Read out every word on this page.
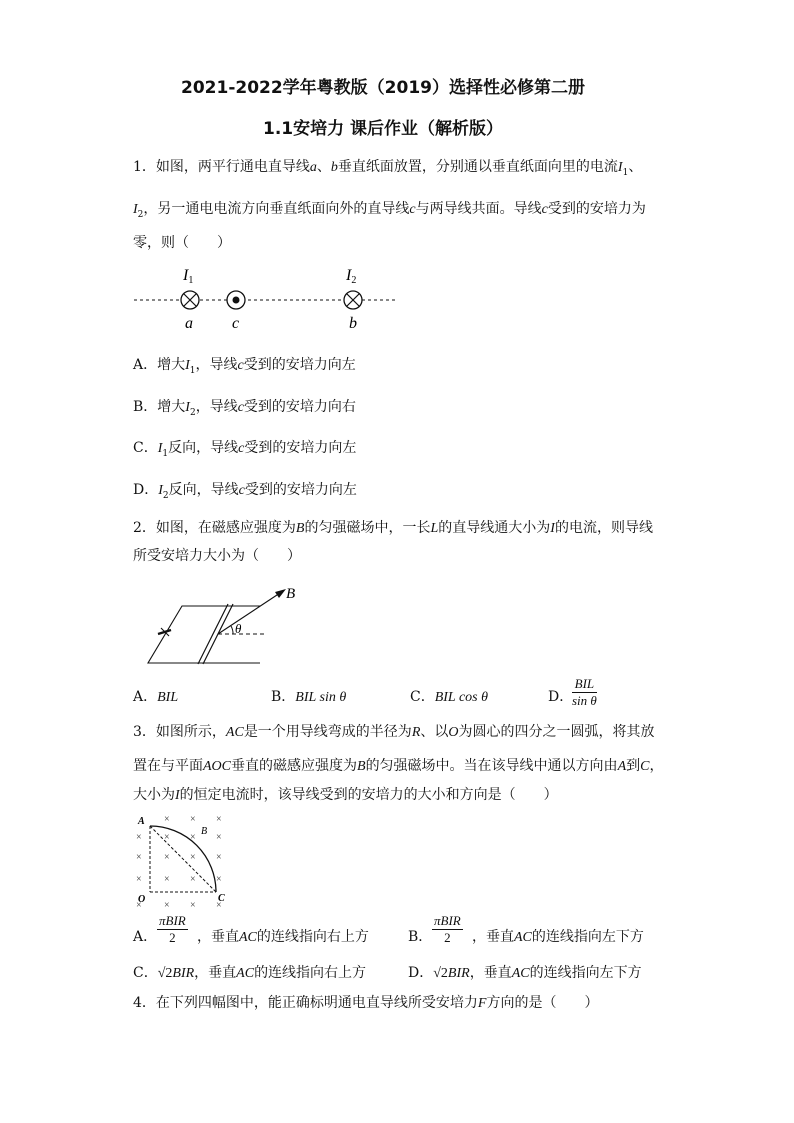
2021-2022学年粤教版（2019）选择性必修第二册
1.1安培力 课后作业（解析版）
1．如图，两平行通电直导线a、b垂直纸面放置，分别通以垂直纸面向里的电流$I_1$、
$I_2$，另一通电电流方向垂直纸面向外的直导线c与两导线共面。导线c受到的安培力为
零，则（　　）
I1	I2
a c	b
A．增大$I_1$，导线c受到的安培力向左
B．增大$I_2$，导线c受到的安培力向右
C．$I_1$反向，导线c受到的安培力向左
D．$I_2$反向，导线c受到的安培力向左
2．如图，在磁感应强度为B的匀强磁场中，一长L的直导线通大小为I的电流，则导线
所受安培力大小为（　　）
B
θ
A．BIL	B．BIL sin θ	C．BIL cos θ	D．
BIL
sin θ
3．如图所示，AC是一个用导线弯成的半径为R、以O为圆心的四分之一圆弧，将其放
置在与平面AOC垂直的磁感应强度为B的匀强磁场中。当在该导线中通以方向由A到C，
大小为I的恒定电流时，该导线受到的安培力的大小和方向是（　　）
×
×
×
×
×
×
×
×
×
×
×
×
×
×
×
×
×
×
×
A
B
O	C
A．
πBIR
2	，垂直AC的连线指向右上方	B．
πBIR
2	，垂直AC的连线指向左下方
C．√2BIR，垂直AC的连线指向右上方	D．√2BIR，垂直AC的连线指向左下方
4．在下列四幅图中，能正确标明通电直导线所受安培力F方向的是（　　）
